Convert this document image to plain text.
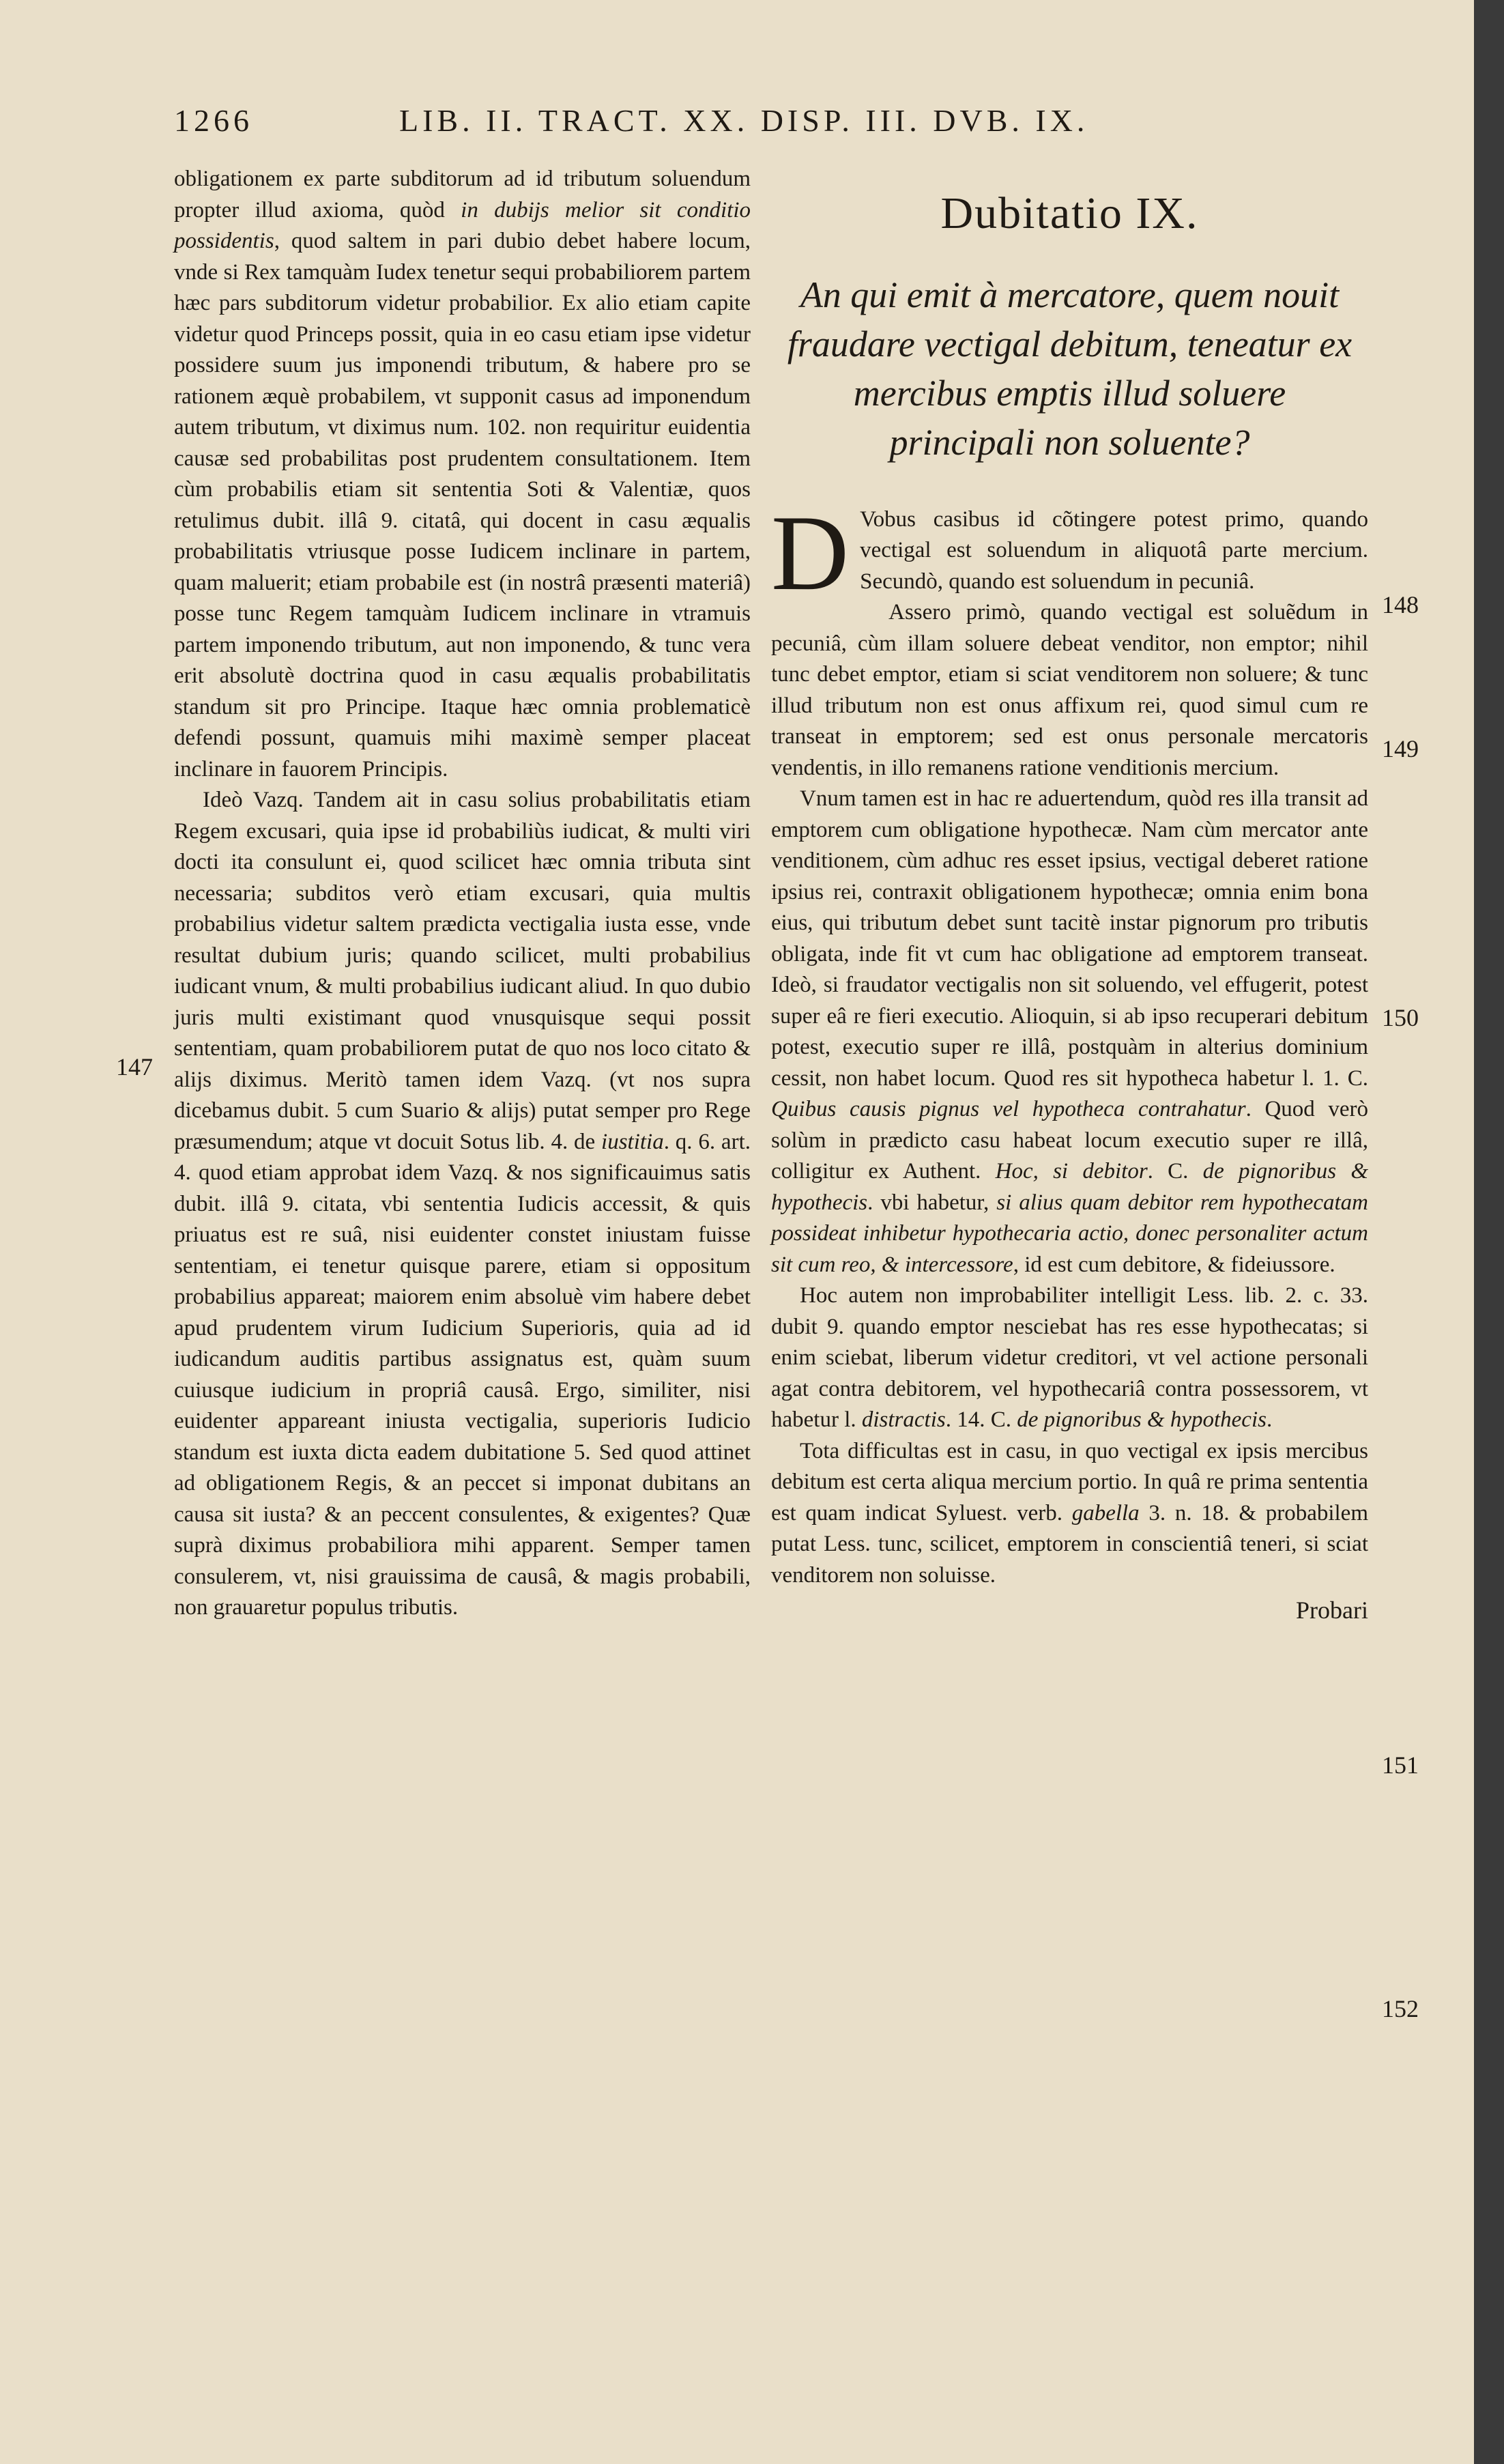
1266	LIB. II. TRACT. XX. DISP. III. DVB. IX.

obligationem ex parte subditorum ad id tributum soluendum propter illud axioma, quòd in dubijs melior sit conditio possidentis, quod saltem in pari dubio debet habere locum, vnde si Rex tamquàm Iudex tenetur sequi probabiliorem partem hæc pars subditorum videtur probabilior. Ex alio etiam capite videtur quod Princeps possit, quia in eo casu etiam ipse videtur possidere suum jus imponendi tributum, & habere pro se rationem æquè probabilem, vt supponit casus ad imponendum autem tributum, vt diximus num. 102. non requiritur euidentia causæ sed probabilitas post prudentem consultationem. Item cùm probabilis etiam sit sententia Soti & Valentiæ, quos retulimus dubit. illâ 9. citatâ, qui docent in casu æqualis probabilitatis vtriusque posse Iudicem inclinare in partem, quam maluerit; etiam probabile est (in nostrâ præsenti materiâ) posse tunc Regem tamquàm Iudicem inclinare in vtramuis partem imponendo tributum, aut non imponendo, & tunc vera erit absolutè doctrina quod in casu æqualis probabilitatis standum sit pro Principe. Itaque hæc omnia problematicè defendi possunt, quamuis mihi maximè semper placeat inclinare in fauorem Principis.

Ideò Vazq. Tandem ait in casu solius probabilitatis etiam Regem excusari, quia ipse id probabiliùs iudicat, & multi viri docti ita consulunt ei, quod scilicet hæc omnia tributa sint necessaria; subditos verò etiam excusari, quia multis probabilius videtur saltem prædicta vectigalia iusta esse, vnde resultat dubium juris; quando scilicet, multi probabilius iudicant vnum, & multi probabilius iudicant aliud. In quo dubio juris multi existimant quod vnusquisque sequi possit sententiam, quam probabiliorem putat de quo nos loco citato & alijs diximus. Meritò tamen idem Vazq. (vt nos supra dicebamus dubit. 5 cum Suario & alijs) putat semper pro Rege præsumendum; atque vt docuit Sotus lib. 4. de iustitia. q. 6. art. 4. quod etiam approbat idem Vazq. & nos significauimus satis dubit. illâ 9. citata, vbi sententia Iudicis accessit, & quis priuatus est re suâ, nisi euidenter constet iniustam fuisse sententiam, ei tenetur quisque parere, etiam si oppositum probabilius appareat; maiorem enim absoluè vim habere debet apud prudentem virum Iudicium Superioris, quia ad id iudicandum auditis partibus assignatus est, quàm suum cuiusque iudicium in propriâ causâ. Ergo, similiter, nisi euidenter appareant iniusta vectigalia, superioris Iudicio standum est iuxta dicta eadem dubitatione 5. Sed quod attinet ad obligationem Regis, & an peccet si imponat dubitans an causa sit iusta? & an peccent consulentes, & exigentes? Quæ suprà diximus probabiliora mihi apparent. Semper tamen consulerem, vt, nisi grauissima de causâ, & magis probabili, non grauaretur populus tributis.

147
Dubitatio IX.
An qui emit à mercatore, quem nouit fraudare vectigal debitum, teneatur ex mercibus emptis illud soluere principali non soluente?

D Vobus casibus id cõtingere potest primo, quando vectigal est soluendum in aliquotâ parte mercium. Secundò, quando est soluendum in pecuniâ.

Assero primò, quando vectigal est soluẽdum in pecuniâ, cùm illam soluere debeat venditor, non emptor; nihil tunc debet emptor, etiam si sciat venditorem non soluere; & tunc illud tributum non est onus affixum rei, quod simul cum re transeat in emptorem; sed est onus personale mercatoris vendentis, in illo remanens ratione venditionis mercium.

Vnum tamen est in hac re aduertendum, quòd res illa transit ad emptorem cum obligatione hypothecæ. Nam cùm mercator ante venditionem, cùm adhuc res esset ipsius, vectigal deberet ratione ipsius rei, contraxit obligationem hypothecæ; omnia enim bona eius, qui tributum debet sunt tacitè instar pignorum pro tributis obligata, inde fit vt cum hac obligatione ad emptorem transeat. Ideò, si fraudator vectigalis non sit soluendo, vel effugerit, potest super eâ re fieri executio. Alioquin, si ab ipso recuperari debitum potest, executio super re illâ, postquàm in alterius dominium cessit, non habet locum. Quod res sit hypotheca habetur l. 1. C. Quibus causis pignus vel hypotheca contrahatur. Quod verò solùm in prædicto casu habeat locum executio super re illâ, colligitur ex Authent. Hoc, si debitor. C. de pignoribus & hypothecis. vbi habetur, si alius quam debitor rem hypothecatam possideat inhibetur hypothecaria actio, donec personaliter actum sit cum reo, & intercessore, id est cum debitore, & fideiussore.

Hoc autem non improbabiliter intelligit Less. lib. 2. c. 33. dubit 9. quando emptor nesciebat has res esse hypothecatas; si enim sciebat, liberum videtur creditori, vt vel actione personali agat contra debitorem, vel hypothecariâ contra possessorem, vt habetur l. distractis. 14. C. de pignoribus & hypothecis.

Tota difficultas est in casu, in quo vectigal ex ipsis mercibus debitum est certa aliqua mercium portio. In quâ re prima sententia est quam indicat Syluest. verb. gabella 3. n. 18. & probabilem putat Less. tunc, scilicet, emptorem in conscientiâ teneri, si sciat venditorem non soluisse.

Probari
148
149
150
151
152
